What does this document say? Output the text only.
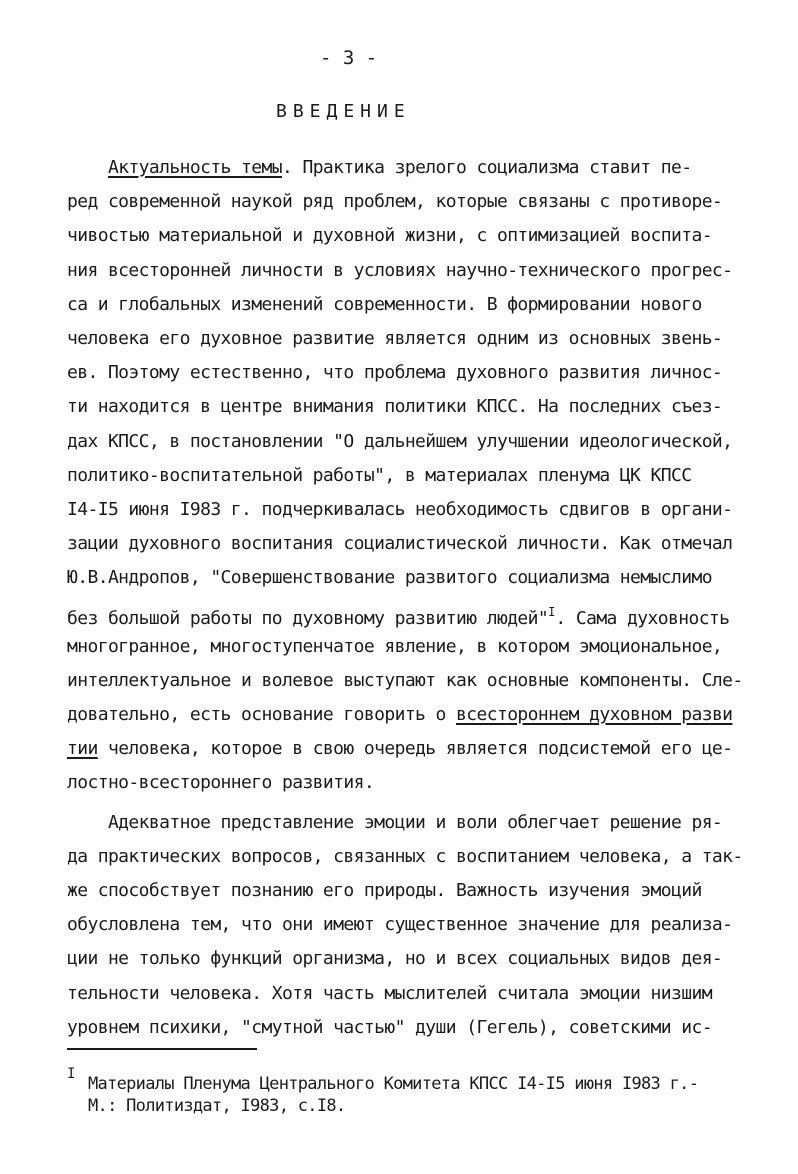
- 3 -
ВВЕДЕНИЕ
Актуальность темы. Практика зрелого социализма ставит пе-
ред современной наукой ряд проблем, которые связаны с противоре-
чивостью материальной и духовной жизни, с оптимизацией воспита-
ния всесторонней личности в условиях научно-технического прогрес-
са и глобальных изменений современности. В формировании нового
человека его духовное развитие является одним из основных звень-
ев. Поэтому естественно, что проблема духовного развития личнос-
ти находится в центре внимания политики КПСС. На последних съез-
дах КПСС, в постановлении "О дальнейшем улучшении идеологической,
политико-воспитательной работы", в материалах пленума ЦК КПСС
I4-I5 июня I983 г. подчеркивалась необходимость сдвигов в органи-
зации духовного воспитания социалистической личности. Как отмечал
Ю.В.Андропов, "Совершенствование развитого социализма немыслимо
без большой работы по духовному развитию людей"$^I$. Сама духовность
многогранное, многоступенчатое явление, в котором эмоциональное,
интеллектуальное и волевое выступают как основные компоненты. Сле-
довательно, есть основание говорить о всестороннем духовном разви
тии человека, которое в свою очередь является подсистемой его це-
лостно-всестороннего развития.
Адекватное представление эмоции и воли облегчает решение ря-
да практических вопросов, связанных с воспитанием человека, а так-
же способствует познанию его природы. Важность изучения эмоций
обусловлена тем, что они имеют существенное значение для реализа-
ции не только функций организма, но и всех социальных видов дея-
тельности человека. Хотя часть мыслителей считала эмоции низшим
уровнем психики, "смутной частью" души (Гегель), советскими ис-
I Материалы Пленума Центрального Комитета КПСС I4-I5 июня I983 г.-
М.: Политиздат, I983, с.I8.
